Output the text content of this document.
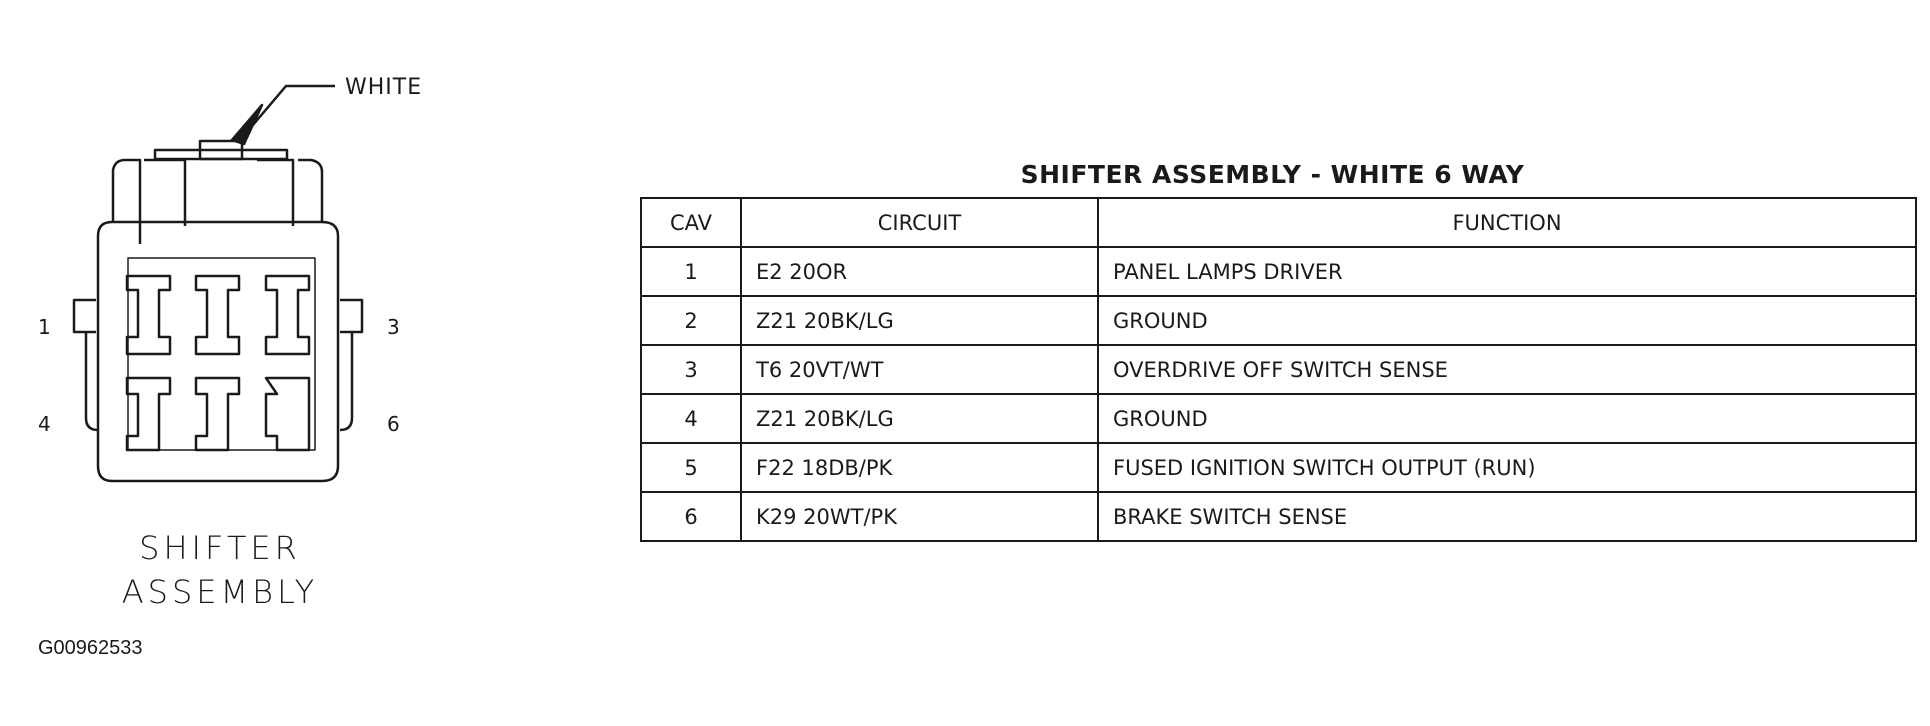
WHITE
1
4
3
6
SHIFTER
ASSEMBLY
G00962533
SHIFTER ASSEMBLY - WHITE 6 WAY
CAV	CIRCUIT	FUNCTION
1	E2 20OR	PANEL LAMPS DRIVER
2	Z21 20BK/LG	GROUND
3	T6 20VT/WT	OVERDRIVE OFF SWITCH SENSE
4	Z21 20BK/LG	GROUND
5	F22 18DB/PK	FUSED IGNITION SWITCH OUTPUT (RUN)
6	K29 20WT/PK	BRAKE SWITCH SENSE
